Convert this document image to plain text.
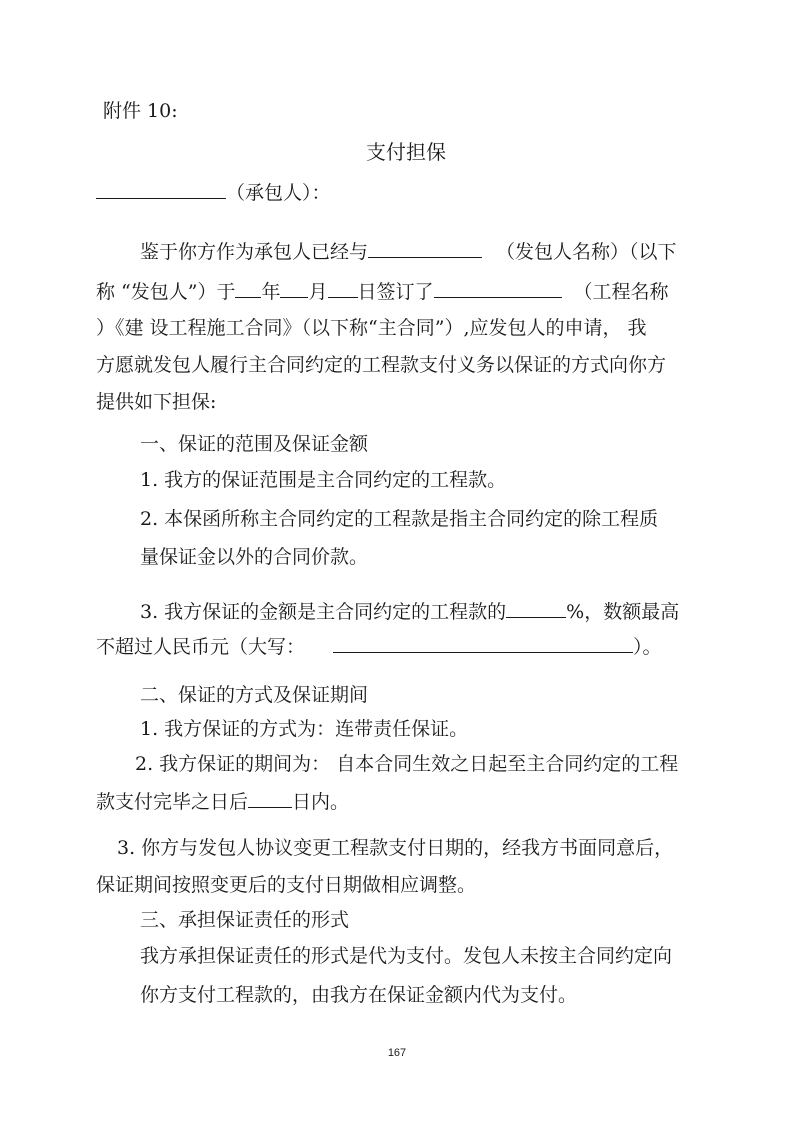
附件 10:
支付担保
（承包人）：
鉴于你方作为承包人已经与	（发包人名称）（以下
称 “发包人”）于 年 月 日签订了	（工程名称
）《建 设工程施工合同》（以下称“主合同”）,应发包人的申请， 我
方愿就发包人履行主合同约定的工程款支付义务以保证的方式向你方
提供如下担保:
一、保证的范围及保证金额
1. 我方的保证范围是主合同约定的工程款。
2. 本保函所称主合同约定的工程款是指主合同约定的除工程质
量保证金以外的合同价款。
3. 我方保证的金额是主合同约定的工程款的	%，数额最高
不超过人民币元（大写：	）。
二、保证的方式及保证期间
1. 我方保证的方式为：连带责任保证。
2. 我方保证的期间为： 自本合同生效之日起至主合同约定的工程
款支付完毕之日后 日内。
3. 你方与发包人协议变更工程款支付日期的，经我方书面同意后，
保证期间按照变更后的支付日期做相应调整。
三、承担保证责任的形式
我方承担保证责任的形式是代为支付。发包人未按主合同约定向
你方支付工程款的，由我方在保证金额内代为支付。
167
